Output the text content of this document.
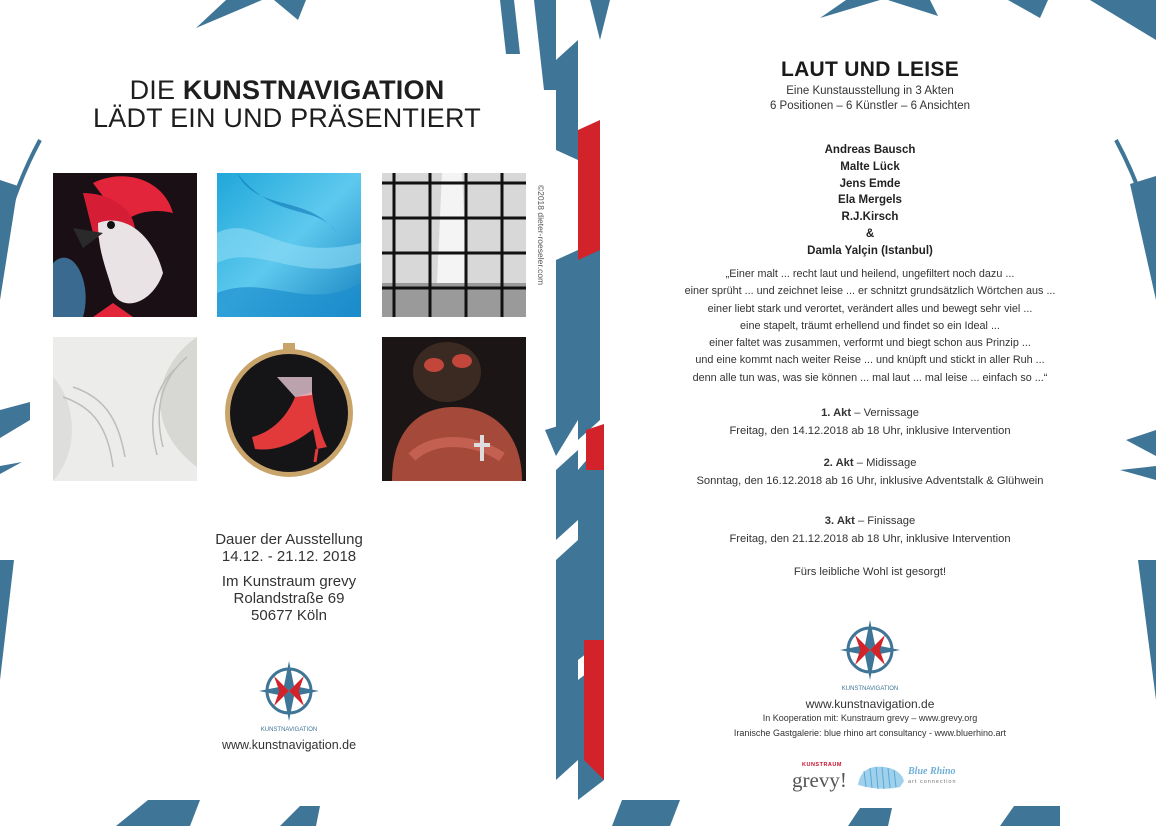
DIE KUNSTNAVIGATION
LÄDT EIN UND PRÄSENTIERT
©2018 dieter-roeseler.com
Dauer der Ausstellung
14.12. - 21.12. 2018
Im Kunstraum grevy
Rolandstraße 69
50677 Köln
KUNSTNAVIGATION
www.kunstnavigation.de
LAUT UND LEISE
Eine Kunstausstellung in 3 Akten
6 Positionen – 6 Künstler – 6 Ansichten
Andreas Bausch
Malte Lück
Jens Emde
Ela Mergels
R.J.Kirsch
&
Damla Yalçin (Istanbul)
„Einer malt ... recht laut und heilend, ungefiltert noch dazu ...
einer sprüht ... und zeichnet leise ... er schnitzt grundsätzlich Wörtchen aus ...
einer liebt stark und verortet, verändert alles und bewegt sehr viel ...
eine stapelt, träumt erhellend und findet so ein Ideal ...
einer faltet was zusammen, verformt und biegt schon aus Prinzip ...
und eine kommt nach weiter Reise ... und knüpft und stickt in aller Ruh ...
denn alle tun was, was sie können ... mal laut ... mal leise ... einfach so ...“
1. Akt – Vernissage
Freitag, den 14.12.2018 ab 18 Uhr, inklusive Intervention
2. Akt – Midissage
Sonntag, den 16.12.2018 ab 16 Uhr, inklusive Adventstalk & Glühwein
3. Akt – Finissage
Freitag, den 21.12.2018 ab 18 Uhr, inklusive Intervention
Fürs leibliche Wohl ist gesorgt!
KUNSTNAVIGATION
www.kunstnavigation.de
In Kooperation mit: Kunstraum grevy – www.grevy.org
Iranische Gastgalerie: blue rhino art consultancy - www.bluerhino.art
KUNSTRAUM
grevy!	Blue Rhino
art connection
